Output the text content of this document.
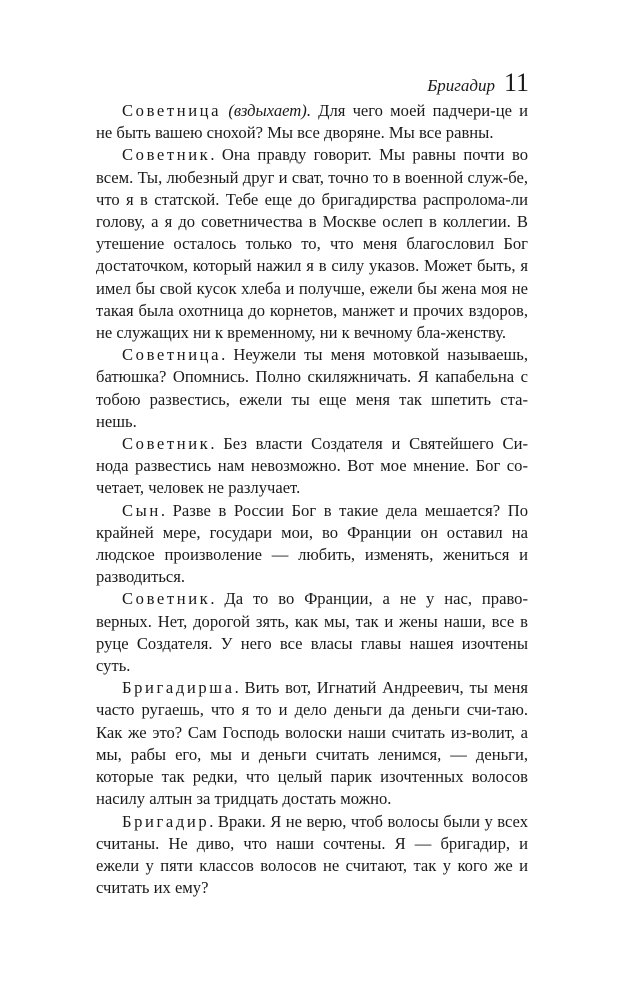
Бригадир 11

Советница (вздыхает). Для чего моей падчери-це и не быть вашею снохой? Мы все дворяне. Мы все равны.

Советник. Она правду говорит. Мы равны почти во всем. Ты, любезный друг и сват, точно то в военной служ-бе, что я в статской. Тебе еще до бригадирства распролома-ли голову, а я до советничества в Москве ослеп в коллегии. В утешение осталось только то, что меня благословил Бог достаточком, который нажил я в силу указов. Может быть, я имел бы свой кусок хлеба и получше, ежели бы жена моя не такая была охотница до корнетов, манжет и прочих вздоров, не служащих ни к временному, ни к вечному бла-женству.

Советница. Неужели ты меня мотовкой называешь, батюшка? Опомнись. Полно скиляжничать. Я капабельна с тобою развестись, ежели ты еще меня так шпетить ста-нешь.

Советник. Без власти Создателя и Святейшего Си-нода развестись нам невозможно. Вот мое мнение. Бог со-четает, человек не разлучает.

Сын. Разве в России Бог в такие дела мешается? По крайней мере, государи мои, во Франции он оставил на людское произволение — любить, изменять, жениться и разводиться.

Советник. Да то во Франции, а не у нас, право-верных. Нет, дорогой зять, как мы, так и жены наши, все в руце Создателя. У него все власы главы нашея изочтены суть.

Бригадирша. Вить вот, Игнатий Андреевич, ты меня часто ругаешь, что я то и дело деньги да деньги счи-таю. Как же это? Сам Господь волоски наши считать из-волит, а мы, рабы его, мы и деньги считать ленимся, — деньги, которые так редки, что целый парик изочтенных волосов насилу алтын за тридцать достать можно.

Бригадир. Враки. Я не верю, чтоб волосы были у всех считаны. Не диво, что наши сочтены. Я — бригадир, и ежели у пяти классов волосов не считают, так у кого же и считать их ему?
